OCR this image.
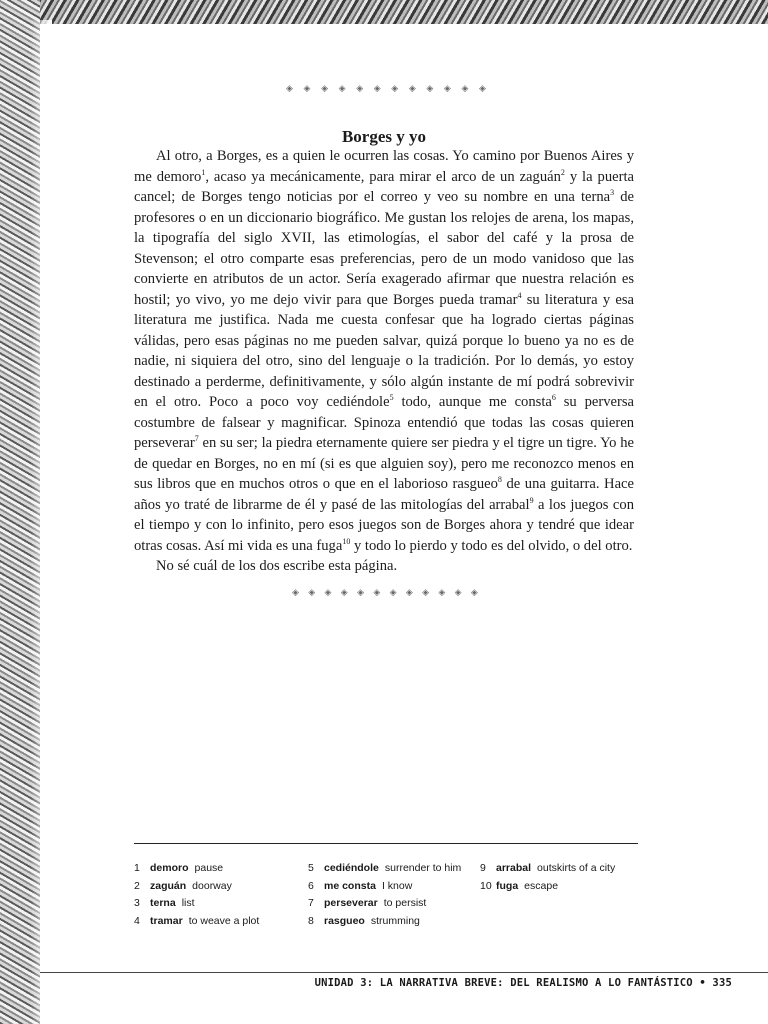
◈ ◈ ◈ ◈ ◈ ◈ ◈ ◈ ◈ ◈ ◈ ◈
Borges y yo

Al otro, a Borges, es a quien le ocurren las cosas. Yo camino por Buenos Aires y me demoro$^1$, acaso ya mecánicamente, para mirar el arco de un zaguán$^2$ y la puerta cancel; de Borges tengo noticias por el correo y veo su nombre en una terna$^3$ de profesores o en un diccionario biográfico. Me gustan los relojes de arena, los mapas, la tipografía del siglo XVII, las etimologías, el sabor del café y la prosa de Stevenson; el otro comparte esas preferencias, pero de un modo vanidoso que las convierte en atributos de un actor. Sería exagerado afirmar que nuestra relación es hostil; yo vivo, yo me dejo vivir para que Borges pueda tramar$^4$ su literatura y esa literatura me justifica. Nada me cuesta confesar que ha logrado ciertas páginas válidas, pero esas páginas no me pueden salvar, quizá porque lo bueno ya no es de nadie, ni siquiera del otro, sino del lenguaje o la tradición. Por lo demás, yo estoy destinado a perderme, definitivamente, y sólo algún instante de mí podrá sobrevivir en el otro. Poco a poco voy cediéndole$^5$ todo, aunque me consta$^6$ su perversa costumbre de falsear y magnificar. Spinoza entendió que todas las cosas quieren perseverar$^7$ en su ser; la piedra eternamente quiere ser piedra y el tigre un tigre. Yo he de quedar en Borges, no en mí (si es que alguien soy), pero me reconozco menos en sus libros que en muchos otros o que en el laborioso rasgueo$^8$ de una guitarra. Hace años yo traté de librarme de él y pasé de las mitologías del arrabal$^9$ a los juegos con el tiempo y con lo infinito, pero esos juegos son de Borges ahora y tendré que idear otras cosas. Así mi vida es una fuga$^{10}$ y todo lo pierdo y todo es del olvido, o del otro.

No sé cuál de los dos escribe esta página.

◈ ◈ ◈ ◈ ◈ ◈ ◈ ◈ ◈ ◈ ◈ ◈
1 demoro pause
2 zaguán doorway
3 terna list
4 tramar to weave a plot
5 cediéndole surrender to him
6 me consta I know
7 perseverar to persist
8 rasgueo strumming
9 arrabal outskirts of a city
10 fuga escape
UNIDAD 3: LA NARRATIVA BREVE: DEL REALISMO A LO FANTÁSTICO • 335
